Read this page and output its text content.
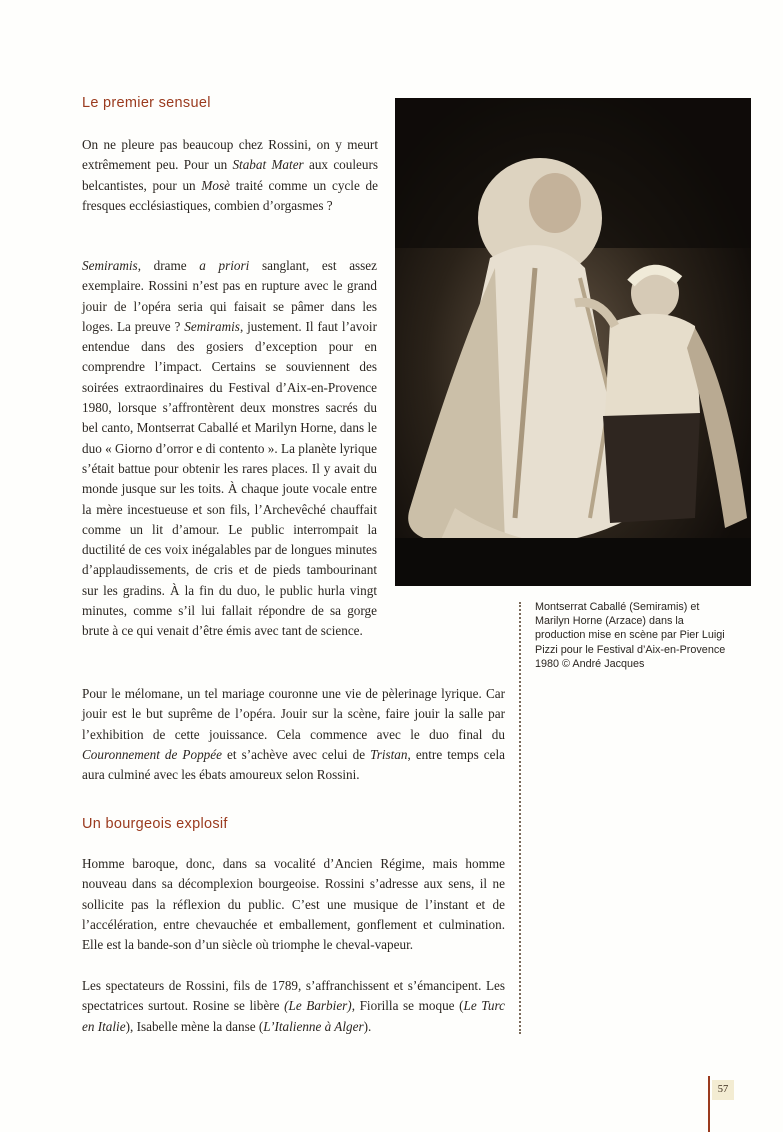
Le premier sensuel

On ne pleure pas beaucoup chez Rossini, on y meurt extrêmement peu. Pour un Stabat Mater aux couleurs belcantistes, pour un Mosè traité comme un cycle de fresques ecclésiastiques, combien d’orgasmes ?

Semiramis, drame a priori sanglant, est assez exemplaire. Rossini n’est pas en rupture avec le grand jouir de l’opéra seria qui faisait se pâmer dans les loges. La preuve ? Semiramis, justement. Il faut l’avoir entendue dans des gosiers d’exception pour en comprendre l’impact. Certains se souviennent des soirées extraordinaires du Festival d’Aix-en-Provence 1980, lorsque s’affrontèrent deux monstres sacrés du bel canto, Montserrat Caballé et Marilyn Horne, dans le duo « Giorno d’orror e di contento ». La planète lyrique s’était battue pour obtenir les rares places. Il y avait du monde jusque sur les toits. À chaque joute vocale entre la mère incestueuse et son fils, l’Archevêché chauffait comme un lit d’amour. Le public interrompait la ductilité de ces voix inégalables par de longues minutes d’applaudissements, de cris et de pieds tambourinant sur les gradins. À la fin du duo, le public hurla vingt minutes, comme s’il lui fallait répondre de sa gorge brute à ce qui venait d’être émis avec tant de science.

Pour le mélomane, un tel mariage couronne une vie de pèlerinage lyrique. Car jouir est le but suprême de l’opéra. Jouir sur la scène, faire jouir la salle par l’exhibition de cette jouissance. Cela commence avec le duo final du Couronnement de Poppée et s’achève avec celui de Tristan, entre temps cela aura culminé avec les ébats amoureux selon Rossini.

Un bourgeois explosif

Homme baroque, donc, dans sa vocalité d’Ancien Régime, mais homme nouveau dans sa décomplexion bourgeoise. Rossini s’adresse aux sens, il ne sollicite pas la réflexion du public. C’est une musique de l’instant et de l’accélération, entre chevauchée et emballement, gonflement et culmination. Elle est la bande-son d’un siècle où triomphe le cheval-vapeur.

Les spectateurs de Rossini, fils de 1789, s’affranchissent et s’émancipent. Les spectatrices surtout. Rosine se libère (Le Barbier), Fiorilla se moque (Le Turc en Italie), Isabelle mène la danse (L’Italienne à Alger).

Montserrat Caballé (Semiramis) et Marilyn Horne (Arzace) dans la production mise en scène par Pier Luigi Pizzi pour le Festival d’Aix-en-Provence 1980 © André Jacques

57
